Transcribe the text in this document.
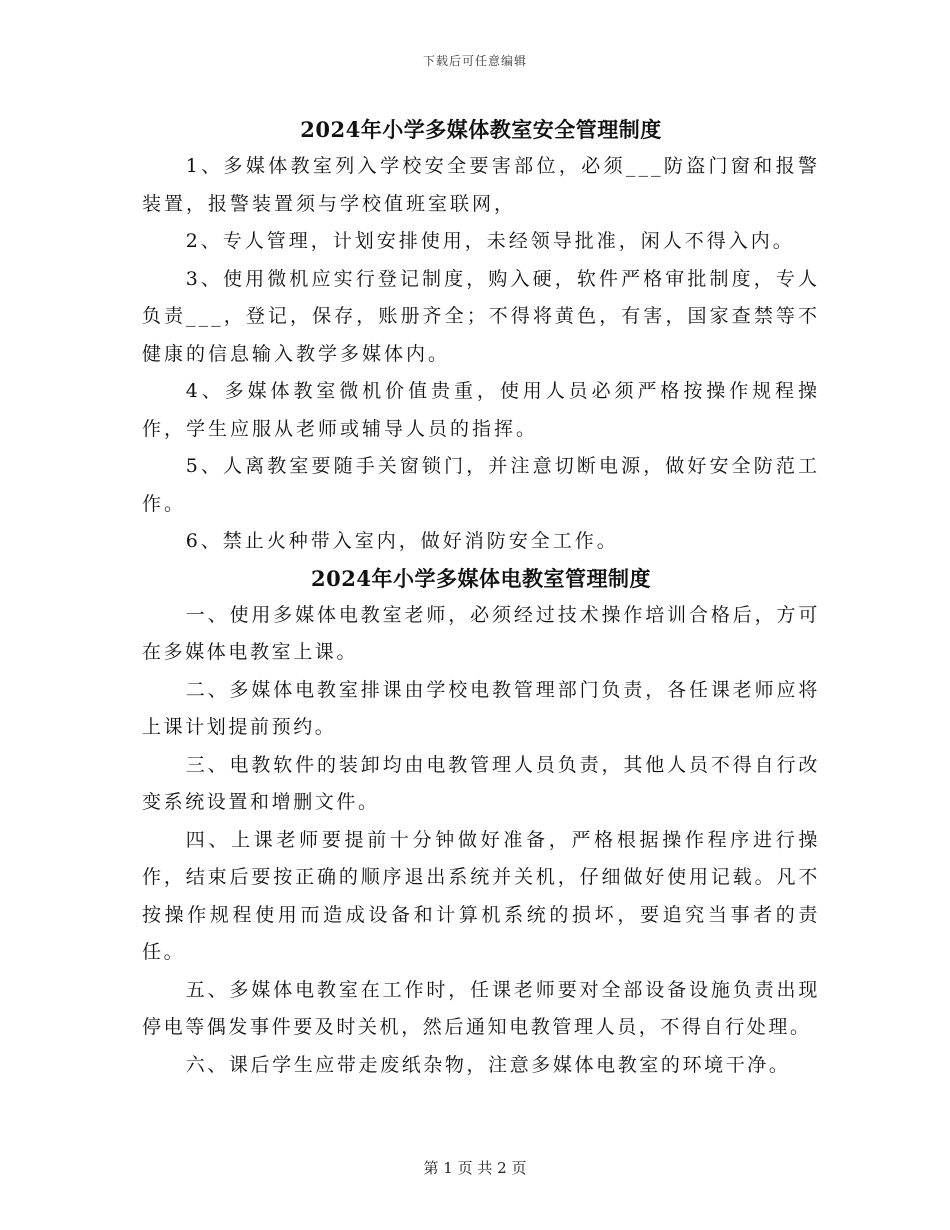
下载后可任意编辑
2024年小学多媒体教室安全管理制度

1、多媒体教室列入学校安全要害部位，必须___防盗门窗和报警装置，报警装置须与学校值班室联网，

2、专人管理，计划安排使用，未经领导批准，闲人不得入内。

3、使用微机应实行登记制度，购入硬，软件严格审批制度，专人负责___，登记，保存，账册齐全；不得将黄色，有害，国家查禁等不健康的信息输入教学多媒体内。

4、多媒体教室微机价值贵重，使用人员必须严格按操作规程操作，学生应服从老师或辅导人员的指挥。

5、人离教室要随手关窗锁门，并注意切断电源，做好安全防范工作。

6、禁止火种带入室内，做好消防安全工作。

2024年小学多媒体电教室管理制度

一、使用多媒体电教室老师，必须经过技术操作培训合格后，方可在多媒体电教室上课。

二、多媒体电教室排课由学校电教管理部门负责，各任课老师应将上课计划提前预约。

三、电教软件的装卸均由电教管理人员负责，其他人员不得自行改变系统设置和增删文件。

四、上课老师要提前十分钟做好准备，严格根据操作程序进行操作，结束后要按正确的顺序退出系统并关机，仔细做好使用记载。凡不按操作规程使用而造成设备和计算机系统的损坏，要追究当事者的责任。

五、多媒体电教室在工作时，任课老师要对全部设备设施负责出现停电等偶发事件要及时关机，然后通知电教管理人员，不得自行处理。

六、课后学生应带走废纸杂物，注意多媒体电教室的环境干净。

第 1 页 共 2 页
